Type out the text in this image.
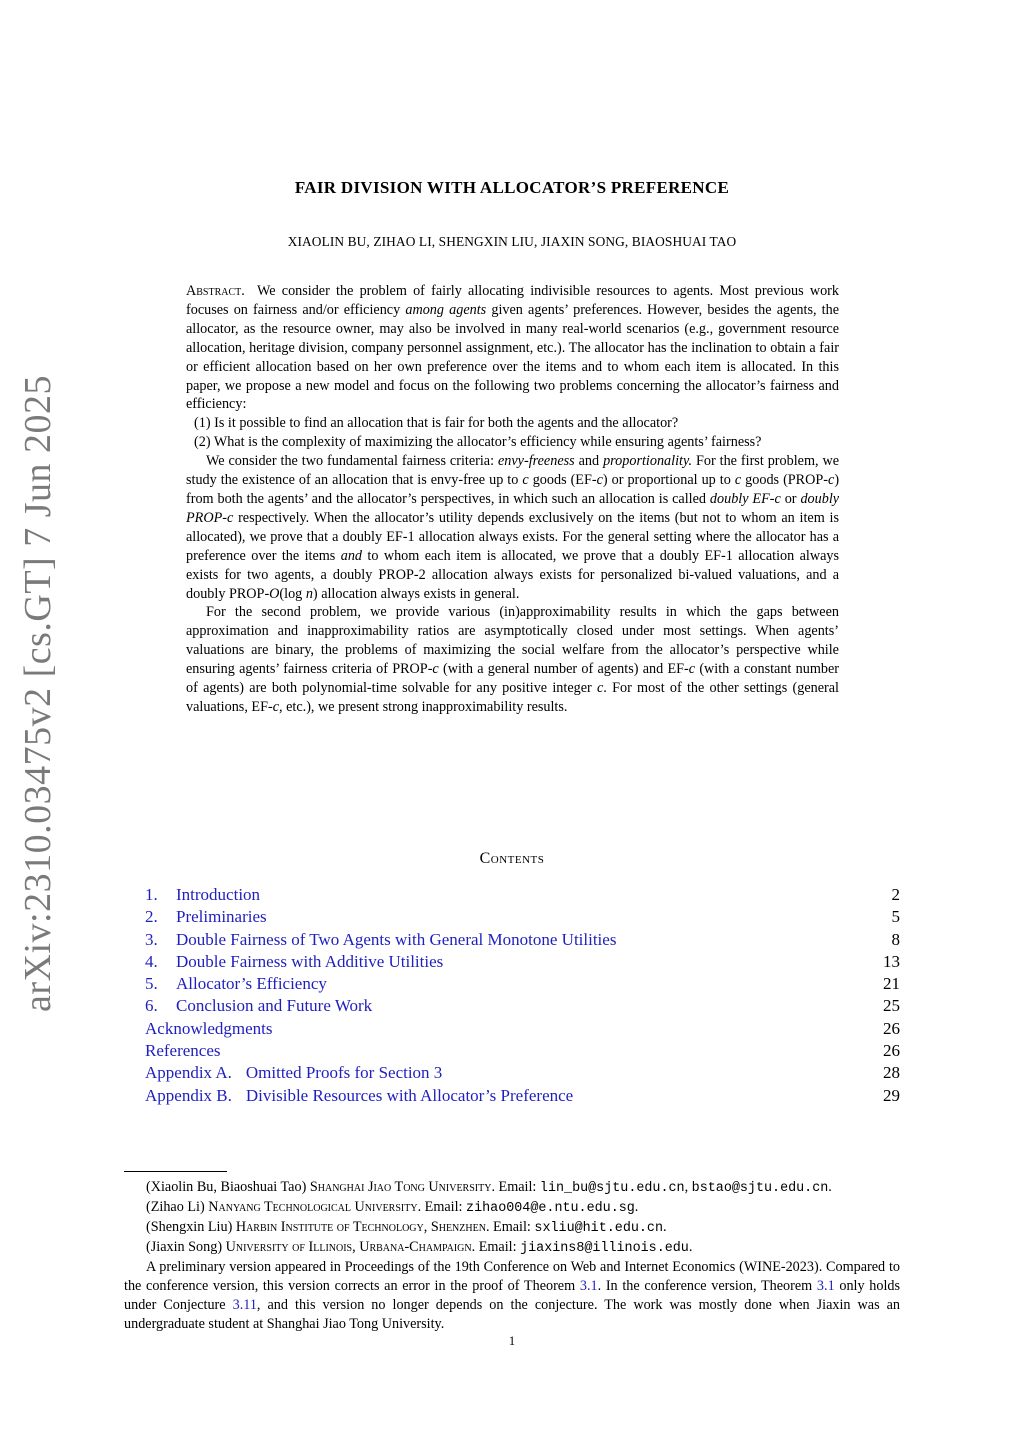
arXiv:2310.03475v2 [cs.GT] 7 Jun 2025
FAIR DIVISION WITH ALLOCATOR’S PREFERENCE
XIAOLIN BU, ZIHAO LI, SHENGXIN LIU, JIAXIN SONG, BIAOSHUAI TAO

Abstract. We consider the problem of fairly allocating indivisible resources to agents. Most previous work focuses on fairness and/or efficiency among agents given agents’ preferences. However, besides the agents, the allocator, as the resource owner, may also be involved in many real-world scenarios (e.g., government resource allocation, heritage division, company personnel assignment, etc.). The allocator has the inclination to obtain a fair or efficient allocation based on her own preference over the items and to whom each item is allocated. In this paper, we propose a new model and focus on the following two problems concerning the allocator’s fairness and efficiency:

(1) Is it possible to find an allocation that is fair for both the agents and the allocator?
(2) What is the complexity of maximizing the allocator’s efficiency while ensuring agents’ fairness?

We consider the two fundamental fairness criteria: envy-freeness and proportionality. For the first problem, we study the existence of an allocation that is envy-free up to c goods (EF-c) or proportional up to c goods (PROP-c) from both the agents’ and the allocator’s perspectives, in which such an allocation is called doubly EF-c or doubly PROP-c respectively. When the allocator’s utility depends exclusively on the items (but not to whom an item is allocated), we prove that a doubly EF-1 allocation always exists. For the general setting where the allocator has a preference over the items and to whom each item is allocated, we prove that a doubly EF-1 allocation always exists for two agents, a doubly PROP-2 allocation always exists for personalized bi-valued valuations, and a doubly PROP-O(log n) allocation always exists in general.

For the second problem, we provide various (in)approximability results in which the gaps between approximation and inapproximability ratios are asymptotically closed under most settings. When agents’ valuations are binary, the problems of maximizing the social welfare from the allocator’s perspective while ensuring agents’ fairness criteria of PROP-c (with a general number of agents) and EF-c (with a constant number of agents) are both polynomial-time solvable for any positive integer c. For most of the other settings (general valuations, EF-c, etc.), we present strong inapproximability results.

Contents
1. Introduction	2
2. Preliminaries	5
3. Double Fairness of Two Agents with General Monotone Utilities	8
4. Double Fairness with Additive Utilities	13
5. Allocator’s Efficiency	21
6. Conclusion and Future Work	25
Acknowledgments	26
References	26
Appendix A. Omitted Proofs for Section 3	28
Appendix B. Divisible Resources with Allocator’s Preference	29

(Xiaolin Bu, Biaoshuai Tao) Shanghai Jiao Tong University. Email: lin_bu@sjtu.edu.cn, bstao@sjtu.edu.cn.

(Zihao Li) Nanyang Technological University. Email: zihao004@e.ntu.edu.sg.

(Shengxin Liu) Harbin Institute of Technology, Shenzhen. Email: sxliu@hit.edu.cn.

(Jiaxin Song) University of Illinois, Urbana-Champaign. Email: jiaxins8@illinois.edu.

A preliminary version appeared in Proceedings of the 19th Conference on Web and Internet Economics (WINE-2023). Compared to the conference version, this version corrects an error in the proof of Theorem 3.1. In the conference version, Theorem 3.1 only holds under Conjecture 3.11, and this version no longer depends on the conjecture. The work was mostly done when Jiaxin was an undergraduate student at Shanghai Jiao Tong University.

1
